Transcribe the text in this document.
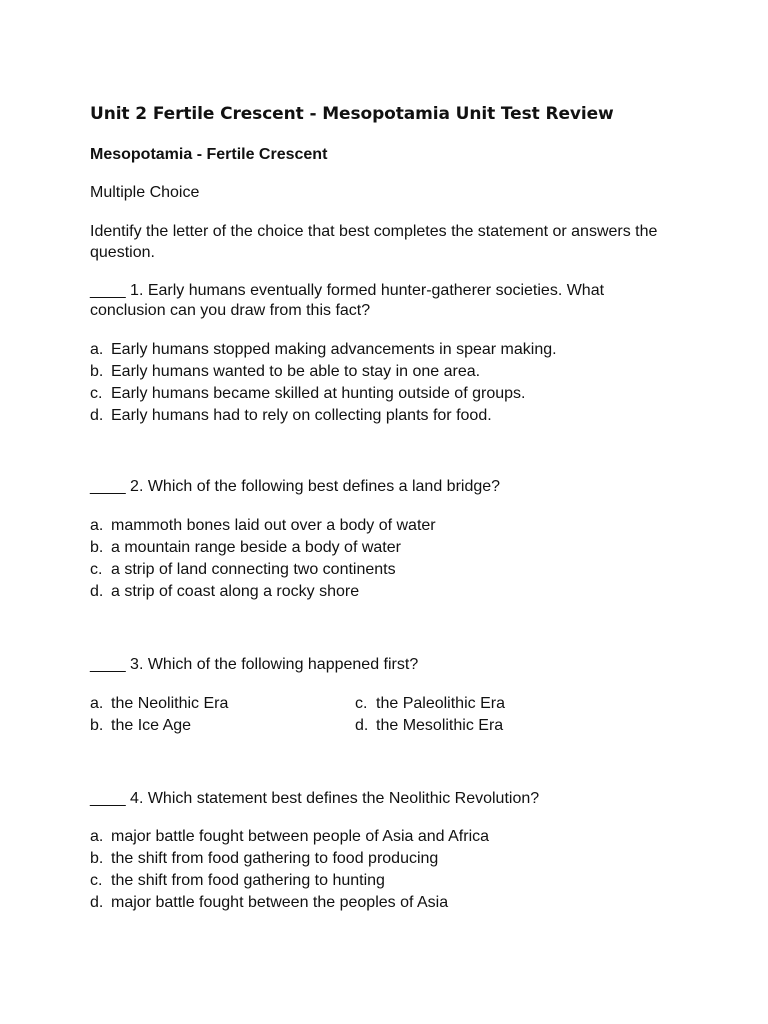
Unit 2 Fertile Crescent - Mesopotamia Unit Test Review
Mesopotamia - Fertile Crescent
Multiple Choice
Identify the letter of the choice that best completes the statement or answers the question.

____ 1. Early humans eventually formed hunter-gatherer societies. What conclusion can you draw from this fact?

a. Early humans stopped making advancements in spear making.
b. Early humans wanted to be able to stay in one area.
c. Early humans became skilled at hunting outside of groups.
d. Early humans had to rely on collecting plants for food.

____ 2. Which of the following best defines a land bridge?

a. mammoth bones laid out over a body of water
b. a mountain range beside a body of water
c. a strip of land connecting two continents
d. a strip of coast along a rocky shore

____ 3. Which of the following happened first?

a. the Neolithic Era
b. the Ice Age
c. the Paleolithic Era
d. the Mesolithic Era

____ 4. Which statement best defines the Neolithic Revolution?

a. major battle fought between people of Asia and Africa
b. the shift from food gathering to food producing
c. the shift from food gathering to hunting
d. major battle fought between the peoples of Asia
